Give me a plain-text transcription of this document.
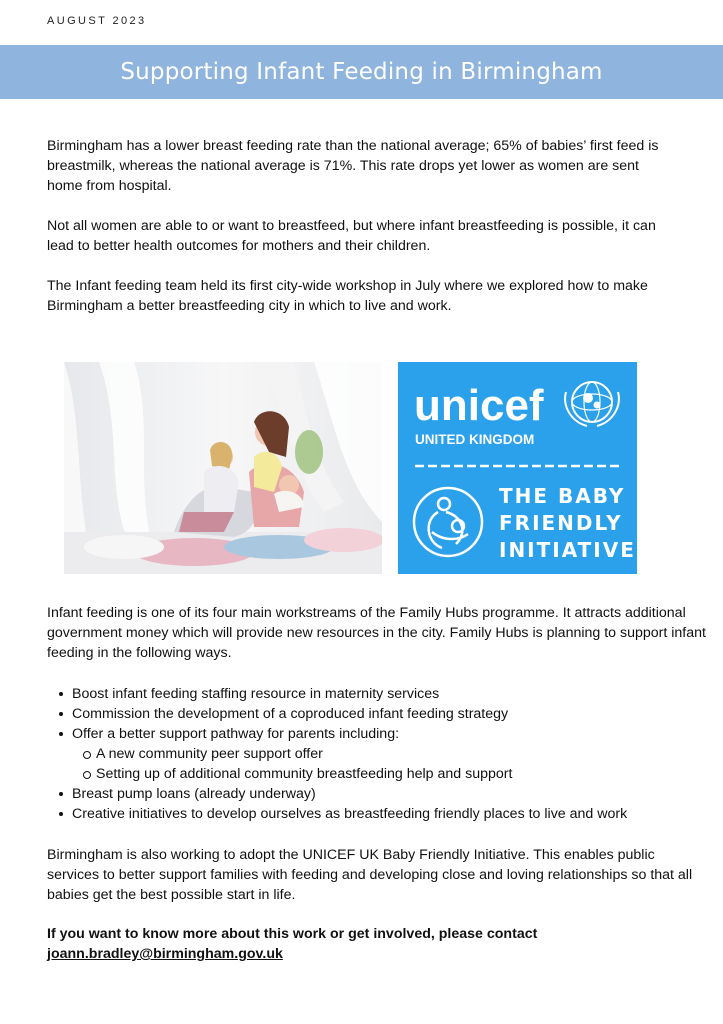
AUGUST 2023
Supporting Infant Feeding in Birmingham

Birmingham has a lower breast feeding rate than the national average; 65% of babies’ first feed is breastmilk, whereas the national average is 71%. This rate drops yet lower as women are sent home from hospital.

Not all women are able to or want to breastfeed, but where infant breastfeeding is possible, it can lead to better health outcomes for mothers and their children.

The Infant feeding team held its first city-wide workshop in July where we explored how to make Birmingham a better breastfeeding city in which to live and work.

unicef
UNITED KINGDOM
THE BABY
FRIENDLY
INITIATIVE

Infant feeding is one of its four main workstreams of the Family Hubs programme. It attracts additional government money which will provide new resources in the city. Family Hubs is planning to support infant feeding in the following ways.

Boost infant feeding staffing resource in maternity services
Commission the development of a coproduced infant feeding strategy
Offer a better support pathway for parents including:
A new community peer support offer
Setting up of additional community breastfeeding help and support
Breast pump loans (already underway)
Creative initiatives to develop ourselves as breastfeeding friendly places to live and work

Birmingham is also working to adopt the UNICEF UK Baby Friendly Initiative. This enables public services to better support families with feeding and developing close and loving relationships so that all babies get the best possible start in life.

If you want to know more about this work or get involved, please contact
joann.bradley@birmingham.gov.uk
